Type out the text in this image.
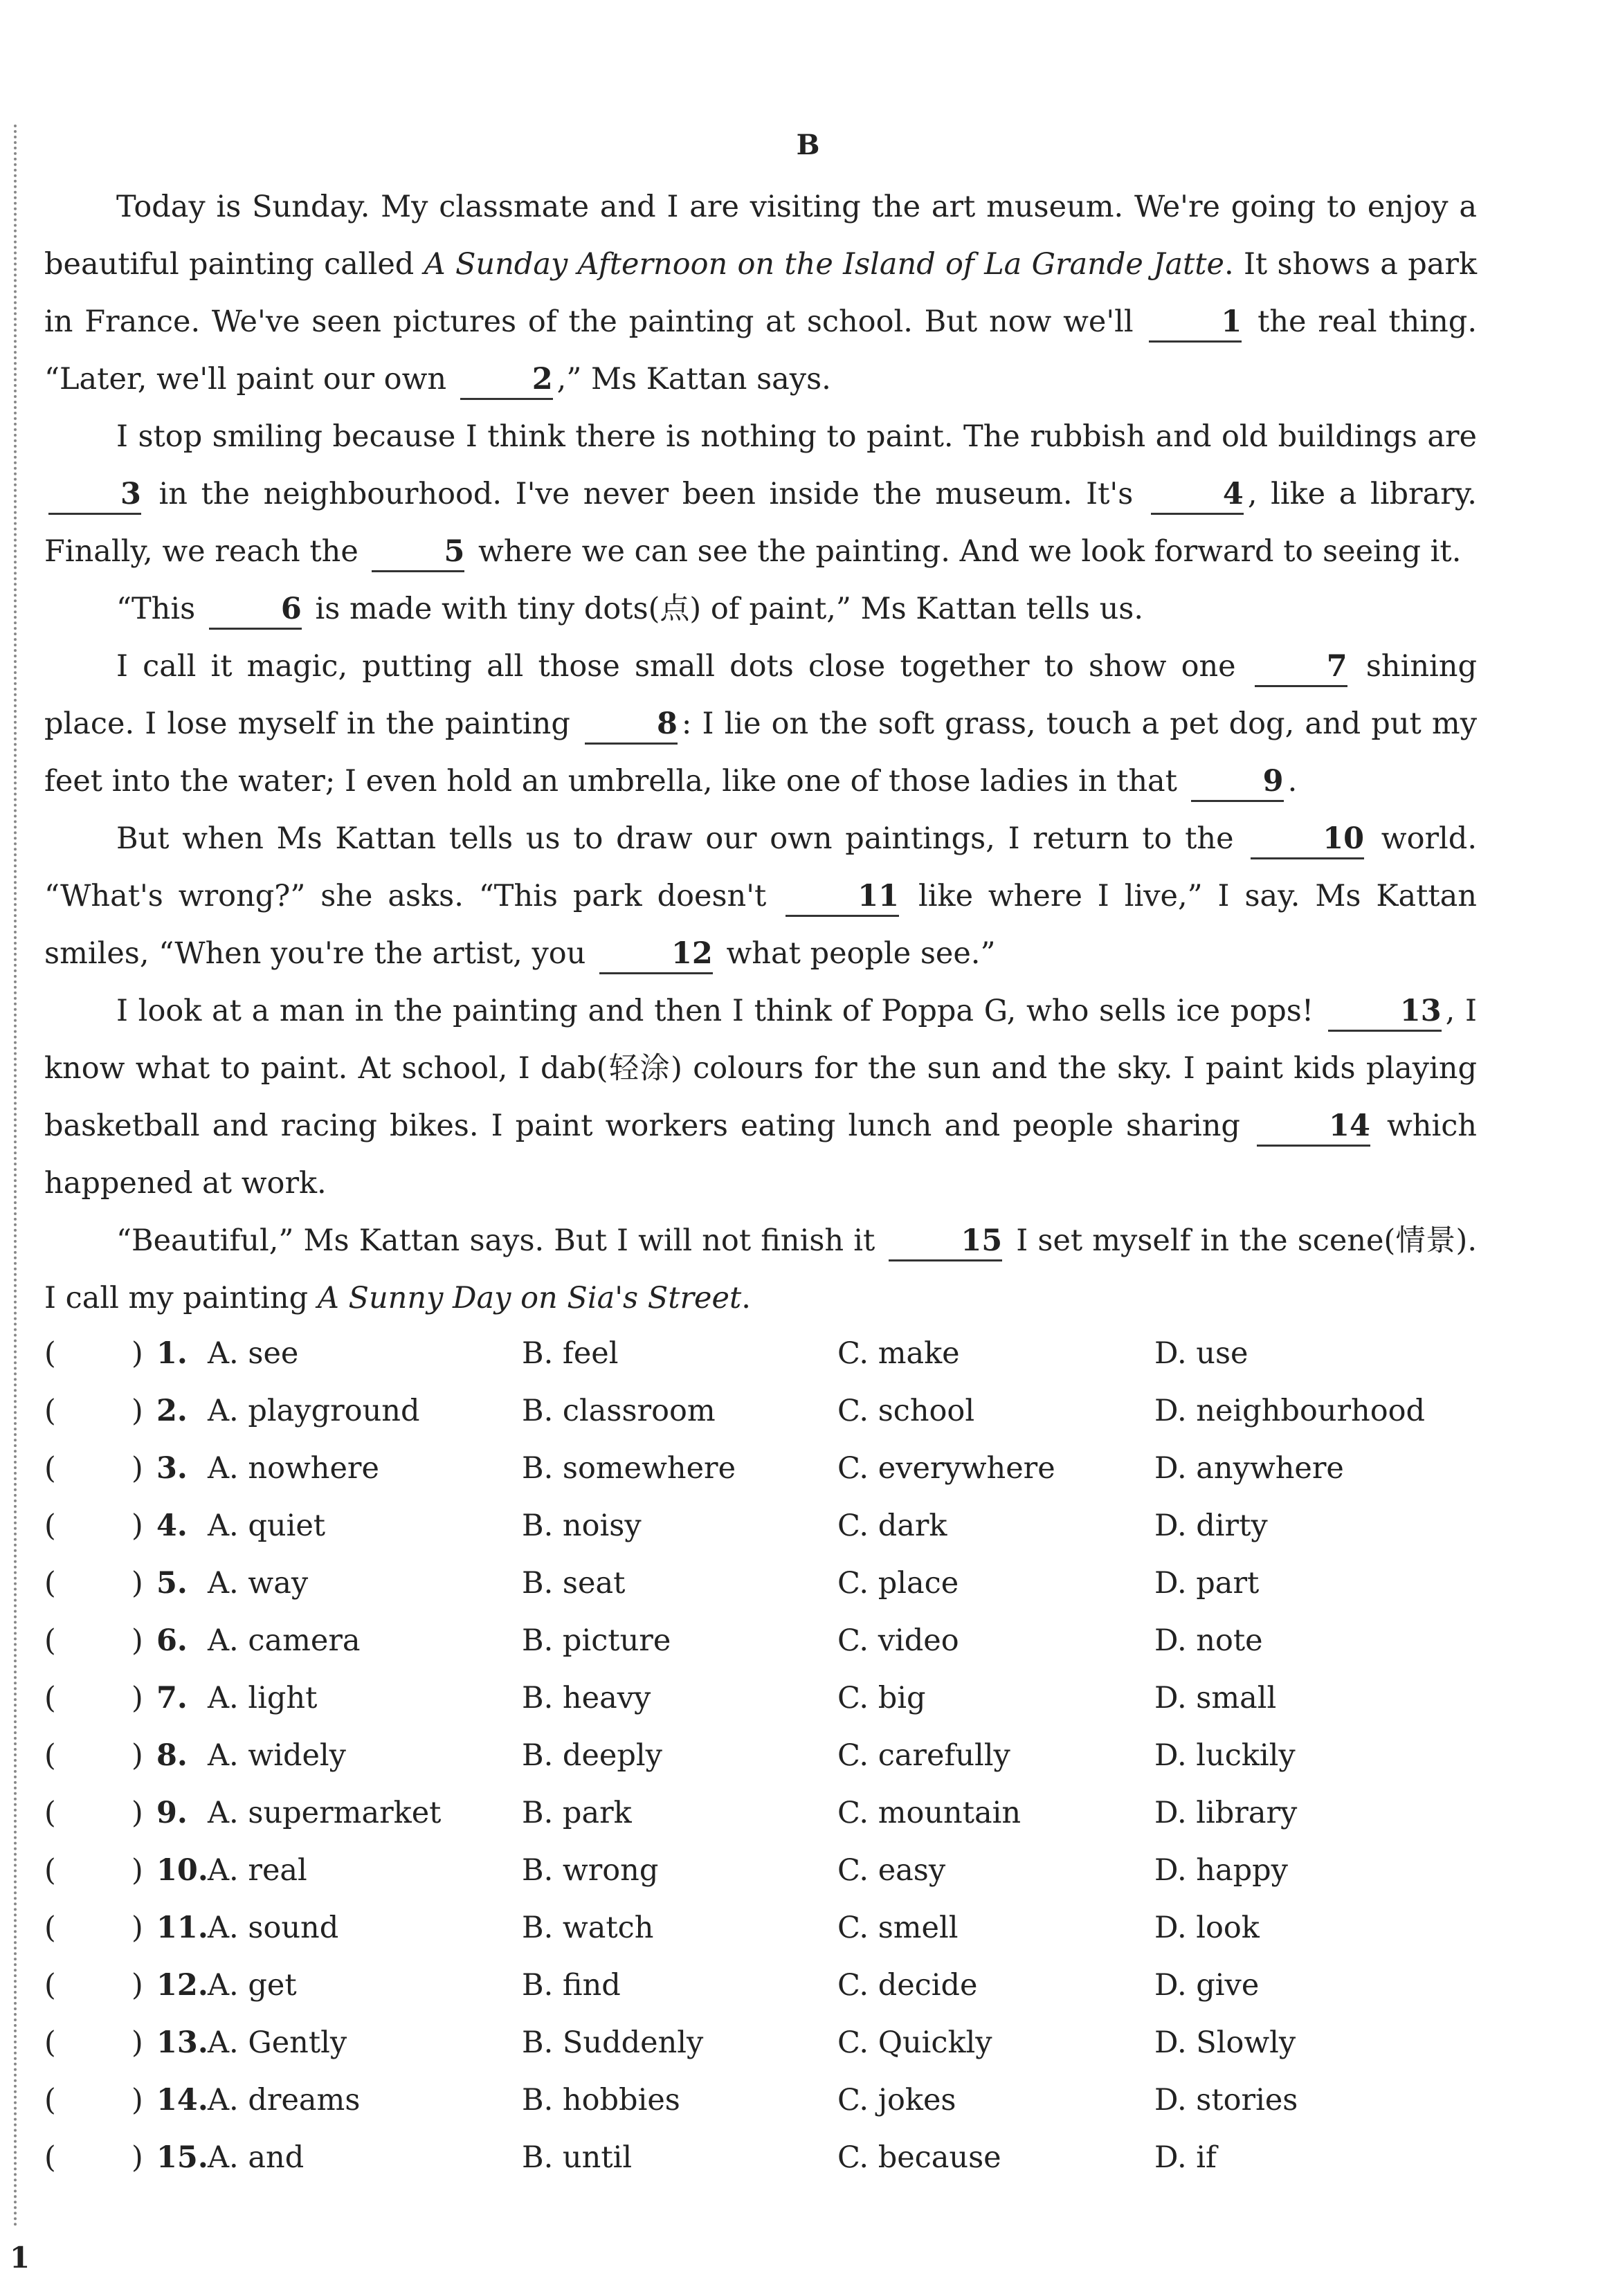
B

Today is Sunday. My classmate and I are visiting the art museum. We're going to enjoy a beautiful painting called A Sunday Afternoon on the Island of La Grande Jatte. It shows a park in France. We've seen pictures of the painting at school. But now we'll	1 the real thing. “Later, we'll paint our own	2 ,” Ms Kattan says.

I stop smiling because I think there is nothing to paint. The rubbish and old buildings are 3 in the neighbourhood. I've never been inside the museum. It's	4 , like a library. Finally, we reach the	5 where we can see the painting. And we look forward to seeing it.

“This	6 is made with tiny dots(点) of paint,” Ms Kattan tells us.

I call it magic, putting all those small dots close together to show one	7 shining place. I lose myself in the painting	8 : I lie on the soft grass, touch a pet dog, and put my feet into the water; I even hold an umbrella, like one of those ladies in that	9 .

But when Ms Kattan tells us to draw our own paintings, I return to the	10 world. “What's wrong?” she asks. “This park doesn't	11 like where I live,” I say. Ms Kattan smiles, “When you're the artist, you	12 what people see.”

I look at a man in the painting and then I think of Poppa G, who sells ice pops!	13 , I know what to paint. At school, I dab(轻涂) colours for the sun and the sky. I paint kids playing basketball and racing bikes. I paint workers eating lunch and people sharing	14 which happened at work.

“Beautiful,” Ms Kattan says. But I will not finish it	15 I set myself in the scene(情景). I call my painting A Sunny Day on Sia's Street.

(	) 1. A. see	B. feel	C. make	D. use
(	) 2. A. playground	B. classroom	C. school	D. neighbourhood
(	) 3. A. nowhere	B. somewhere	C. everywhere	D. anywhere
(	) 4. A. quiet	B. noisy	C. dark	D. dirty
(	) 5. A. way	B. seat	C. place	D. part
(	) 6. A. camera	B. picture	C. video	D. note
(	) 7. A. light	B. heavy	C. big	D. small
(	) 8. A. widely	B. deeply	C. carefully	D. luckily
(	) 9. A. supermarket	B. park	C. mountain	D. library
(	) 10. A. real	B. wrong	C. easy	D. happy
(	) 11. A. sound	B. watch	C. smell	D. look
(	) 12. A. get	B. find	C. decide	D. give
(	) 13. A. Gently	B. Suddenly	C. Quickly	D. Slowly
(	) 14. A. dreams	B. hobbies	C. jokes	D. stories
(	) 15. A. and	B. until	C. because	D. if
1
